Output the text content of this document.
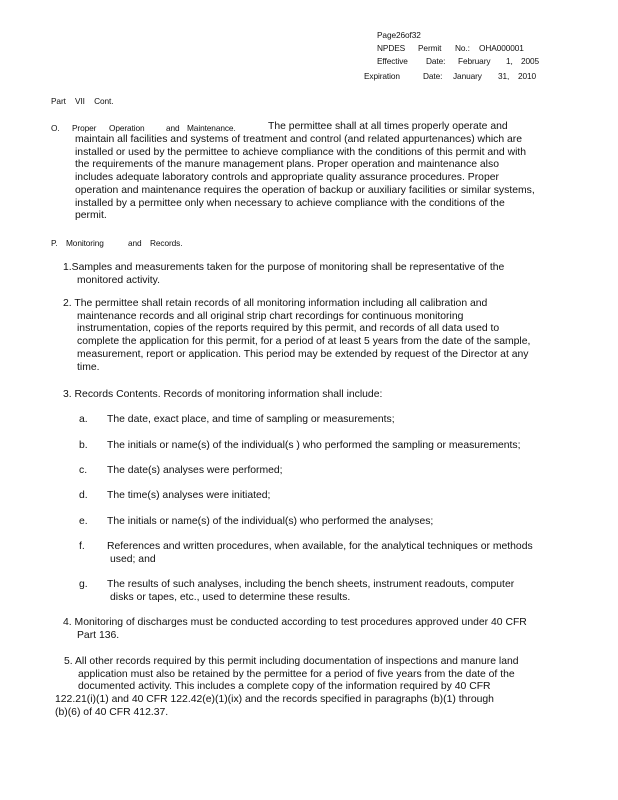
Page26of32
NPDES Permit No.: OHA000001
Effective Date: February 1, 2005
Expiration	Date: January 31, 2010
Part VII Cont.
O. Proper Operation	and Maintenance.	The permittee shall at all times properly operate and
maintain all facilities and systems of treatment and control (and related appurtenances) which are
installed or used by the permittee to achieve compliance with the conditions of this permit and with
the requirements of the manure management plans. Proper operation and maintenance also
includes adequate laboratory controls and appropriate quality assurance procedures. Proper
operation and maintenance requires the operation of backup or auxiliary facilities or similar systems,
installed by a permittee only when necessary to achieve compliance with the conditions of the
permit.
P. Monitoring	and Records.
1.Samples and measurements taken for the purpose of monitoring shall be representative of the
monitored activity.
2. The permittee shall retain records of all monitoring information including all calibration and
maintenance records and all original strip chart recordings for continuous monitoring
instrumentation, copies of the reports required by this permit, and records of all data used to
complete the application for this permit, for a period of at least 5 years from the date of the sample,
measurement, report or application. This period may be extended by request of the Director at any
time.
3. Records Contents. Records of monitoring information shall include:
a. The date, exact place, and time of sampling or measurements;
b. The initials or name(s) of the individual(s ) who performed the sampling or measurements;
c. The date(s) analyses were performed;
d. The time(s) analyses were initiated;
e. The initials or name(s) of the individual(s) who performed the analyses;
f. References and written procedures, when available, for the analytical techniques or methods
used; and
g. The results of such analyses, including the bench sheets, instrument readouts, computer
disks or tapes, etc., used to determine these results.
4. Monitoring of discharges must be conducted according to test procedures approved under 40 CFR
Part 136.
5. All other records required by this permit including documentation of inspections and manure land
application must also be retained by the permittee for a period of five years from the date of the
documented activity. This includes a complete copy of the information required by 40 CFR
122.21(i)(1) and 40 CFR 122.42(e)(1)(ix) and the records specified in paragraphs (b)(1) through
(b)(6) of 40 CFR 412.37.
